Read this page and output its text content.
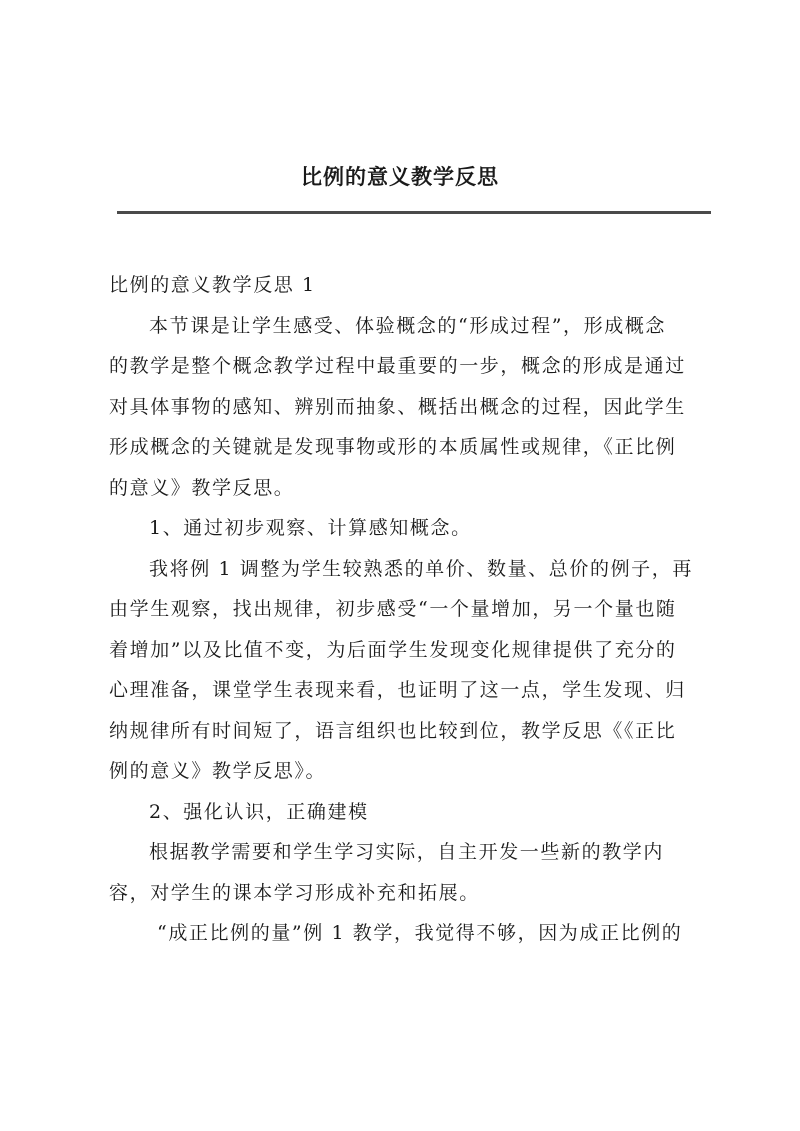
比例的意义教学反思

比例的意义教学反思 1

本节课是让学生感受、体验概念的“形成过程”，形成概念

的教学是整个概念教学过程中最重要的一步，概念的形成是通过

对具体事物的感知、辨别而抽象、概括出概念的过程，因此学生

形成概念的关键就是发现事物或形的本质属性或规律，《正比例

的意义》教学反思。

1、通过初步观察、计算感知概念。

我将例 1 调整为学生较熟悉的单价、数量、总价的例子，再

由学生观察，找出规律，初步感受“一个量增加，另一个量也随

着增加”以及比值不变，为后面学生发现变化规律提供了充分的

心理准备，课堂学生表现来看，也证明了这一点，学生发现、归

纳规律所有时间短了，语言组织也比较到位，教学反思《《正比

例的意义》教学反思》。

2、强化认识，正确建模

根据教学需要和学生学习实际，自主开发一些新的教学内

容，对学生的课本学习形成补充和拓展。

“成正比例的量”例 1 教学，我觉得不够，因为成正比例的
